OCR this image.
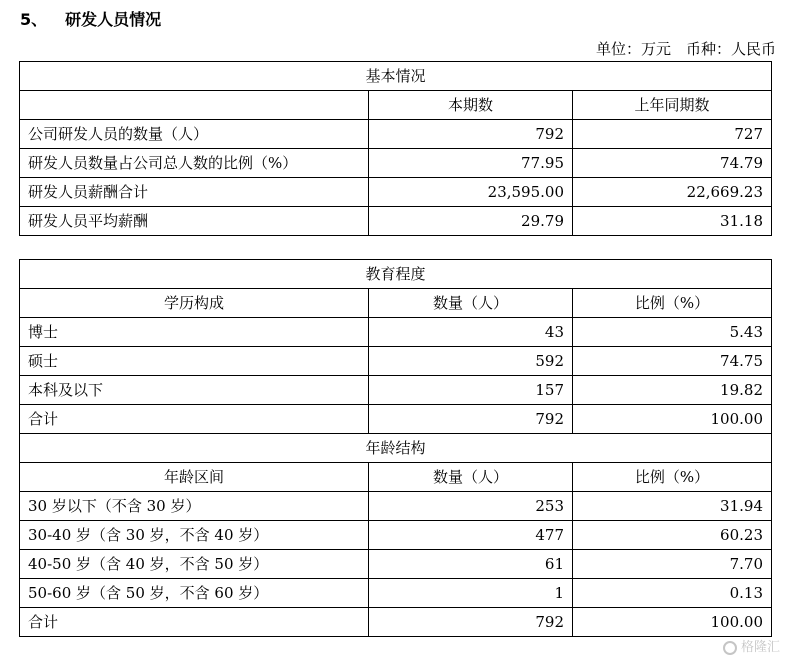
5、 研发人员情况
单位：万元　币种：人民币
基本情况		
	本期数	上年同期数
公司研发人员的数量（人）	792	727
研发人员数量占公司总人数的比例（%）	77.95	74.79
研发人员薪酬合计	23,595.00	22,669.23
研发人员平均薪酬	29.79	31.18
教育程度		
学历构成	数量（人）	比例（%）
博士	43	5.43
硕士	592	74.75
本科及以下	157	19.82
合计	792	100.00
年龄结构		
年龄区间	数量（人）	比例（%）
30 岁以下（不含 30 岁）	253	31.94
30-40 岁（含 30 岁，不含 40 岁）	477	60.23
40-50 岁（含 40 岁，不含 50 岁）	61	7.70
50-60 岁（含 50 岁，不含 60 岁）	1	0.13
合计	792	100.00
格隆汇
